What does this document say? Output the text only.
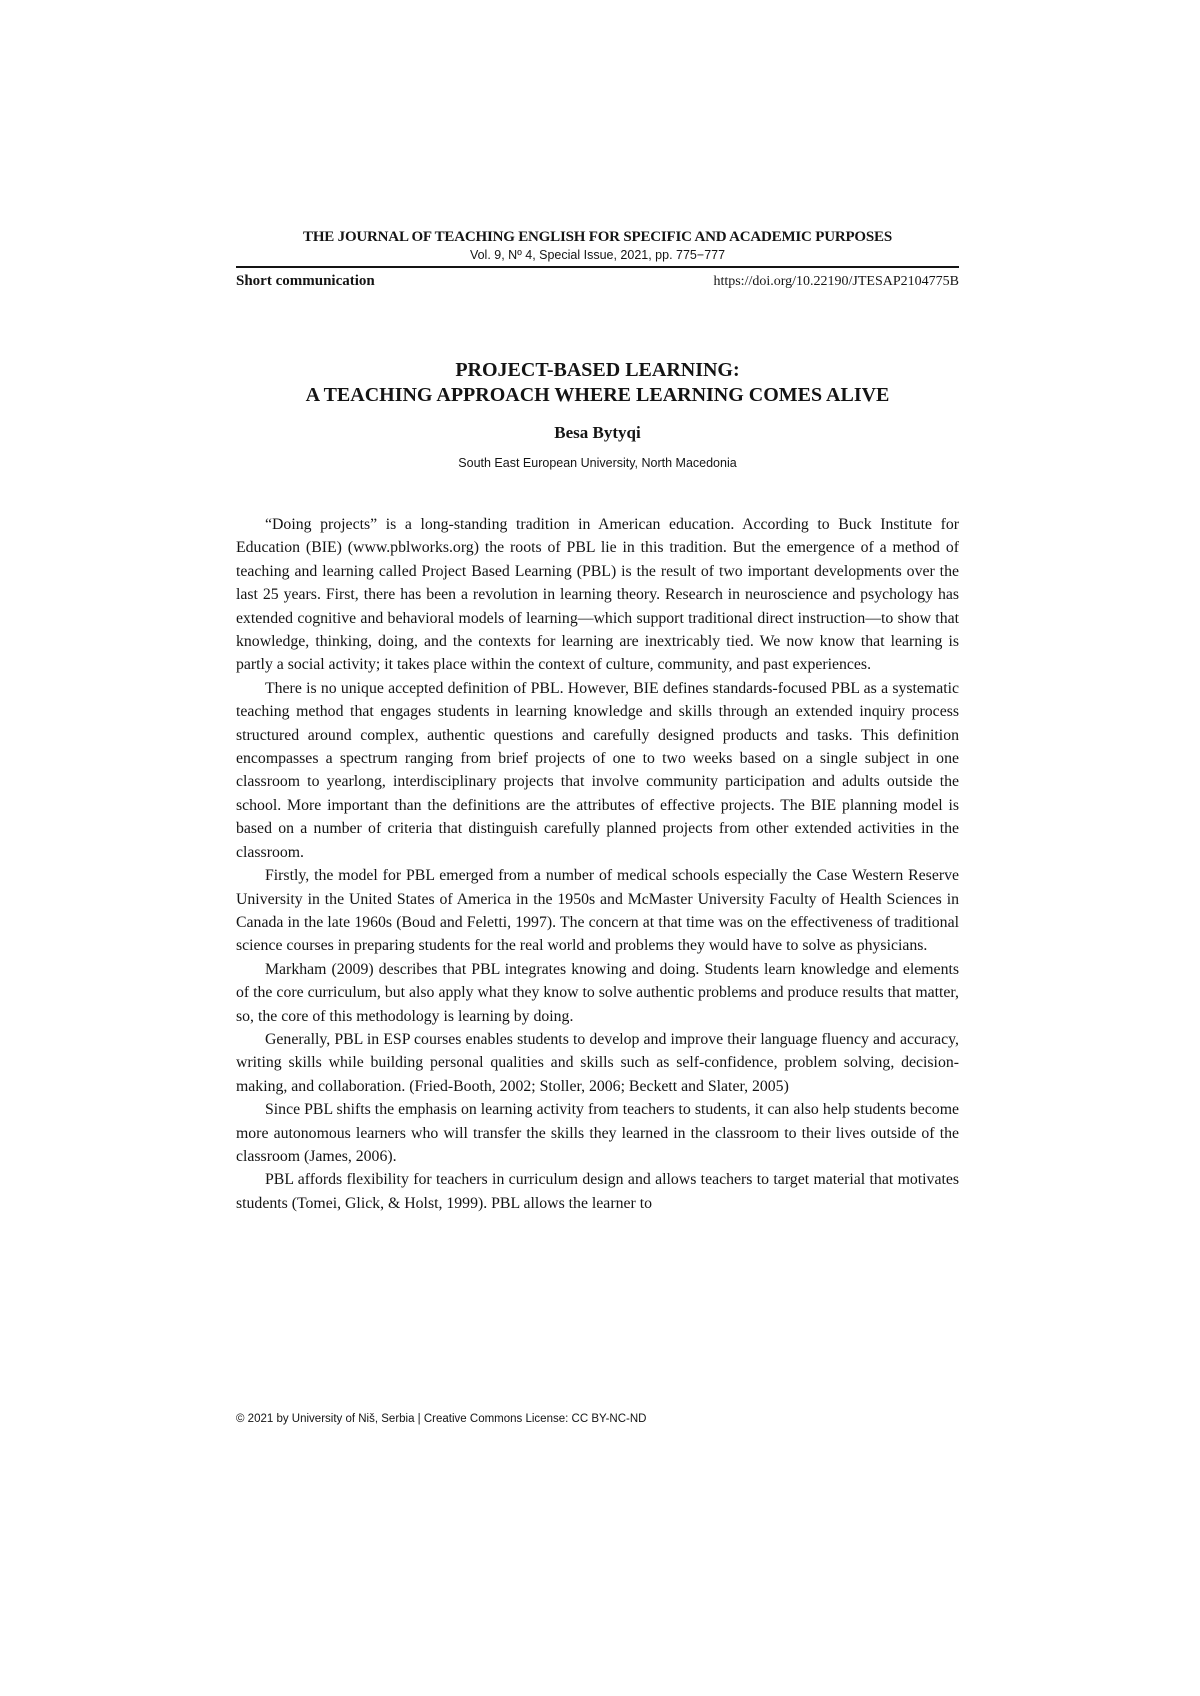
THE JOURNAL OF TEACHING ENGLISH FOR SPECIFIC AND ACADEMIC PURPOSES
Vol. 9, Nº 4, Special Issue, 2021, pp. 775−777
Short communication	https://doi.org/10.22190/JTESAP2104775B
PROJECT-BASED LEARNING:
A TEACHING APPROACH WHERE LEARNING COMES ALIVE
Besa Bytyqi
South East European University, North Macedonia

“Doing projects” is a long-standing tradition in American education. According to Buck Institute for Education (BIE) (www.pblworks.org) the roots of PBL lie in this tradition. But the emergence of a method of teaching and learning called Project Based Learning (PBL) is the result of two important developments over the last 25 years. First, there has been a revolution in learning theory. Research in neuroscience and psychology has extended cognitive and behavioral models of learning—which support traditional direct instruction—to show that knowledge, thinking, doing, and the contexts for learning are inextricably tied. We now know that learning is partly a social activity; it takes place within the context of culture, community, and past experiences.

There is no unique accepted definition of PBL. However, BIE defines standards-focused PBL as a systematic teaching method that engages students in learning knowledge and skills through an extended inquiry process structured around complex, authentic questions and carefully designed products and tasks. This definition encompasses a spectrum ranging from brief projects of one to two weeks based on a single subject in one classroom to yearlong, interdisciplinary projects that involve community participation and adults outside the school. More important than the definitions are the attributes of effective projects. The BIE planning model is based on a number of criteria that distinguish carefully planned projects from other extended activities in the classroom.

Firstly, the model for PBL emerged from a number of medical schools especially the Case Western Reserve University in the United States of America in the 1950s and McMaster University Faculty of Health Sciences in Canada in the late 1960s (Boud and Feletti, 1997). The concern at that time was on the effectiveness of traditional science courses in preparing students for the real world and problems they would have to solve as physicians.

Markham (2009) describes that PBL integrates knowing and doing. Students learn knowledge and elements of the core curriculum, but also apply what they know to solve authentic problems and produce results that matter, so, the core of this methodology is learning by doing.

Generally, PBL in ESP courses enables students to develop and improve their language fluency and accuracy, writing skills while building personal qualities and skills such as self-confidence, problem solving, decision-making, and collaboration. (Fried-Booth, 2002; Stoller, 2006; Beckett and Slater, 2005)

Since PBL shifts the emphasis on learning activity from teachers to students, it can also help students become more autonomous learners who will transfer the skills they learned in the classroom to their lives outside of the classroom (James, 2006).

PBL affords flexibility for teachers in curriculum design and allows teachers to target material that motivates students (Tomei, Glick, & Holst, 1999). PBL allows the learner to

© 2021 by University of Niš, Serbia | Creative Commons License: CC BY-NC-ND
